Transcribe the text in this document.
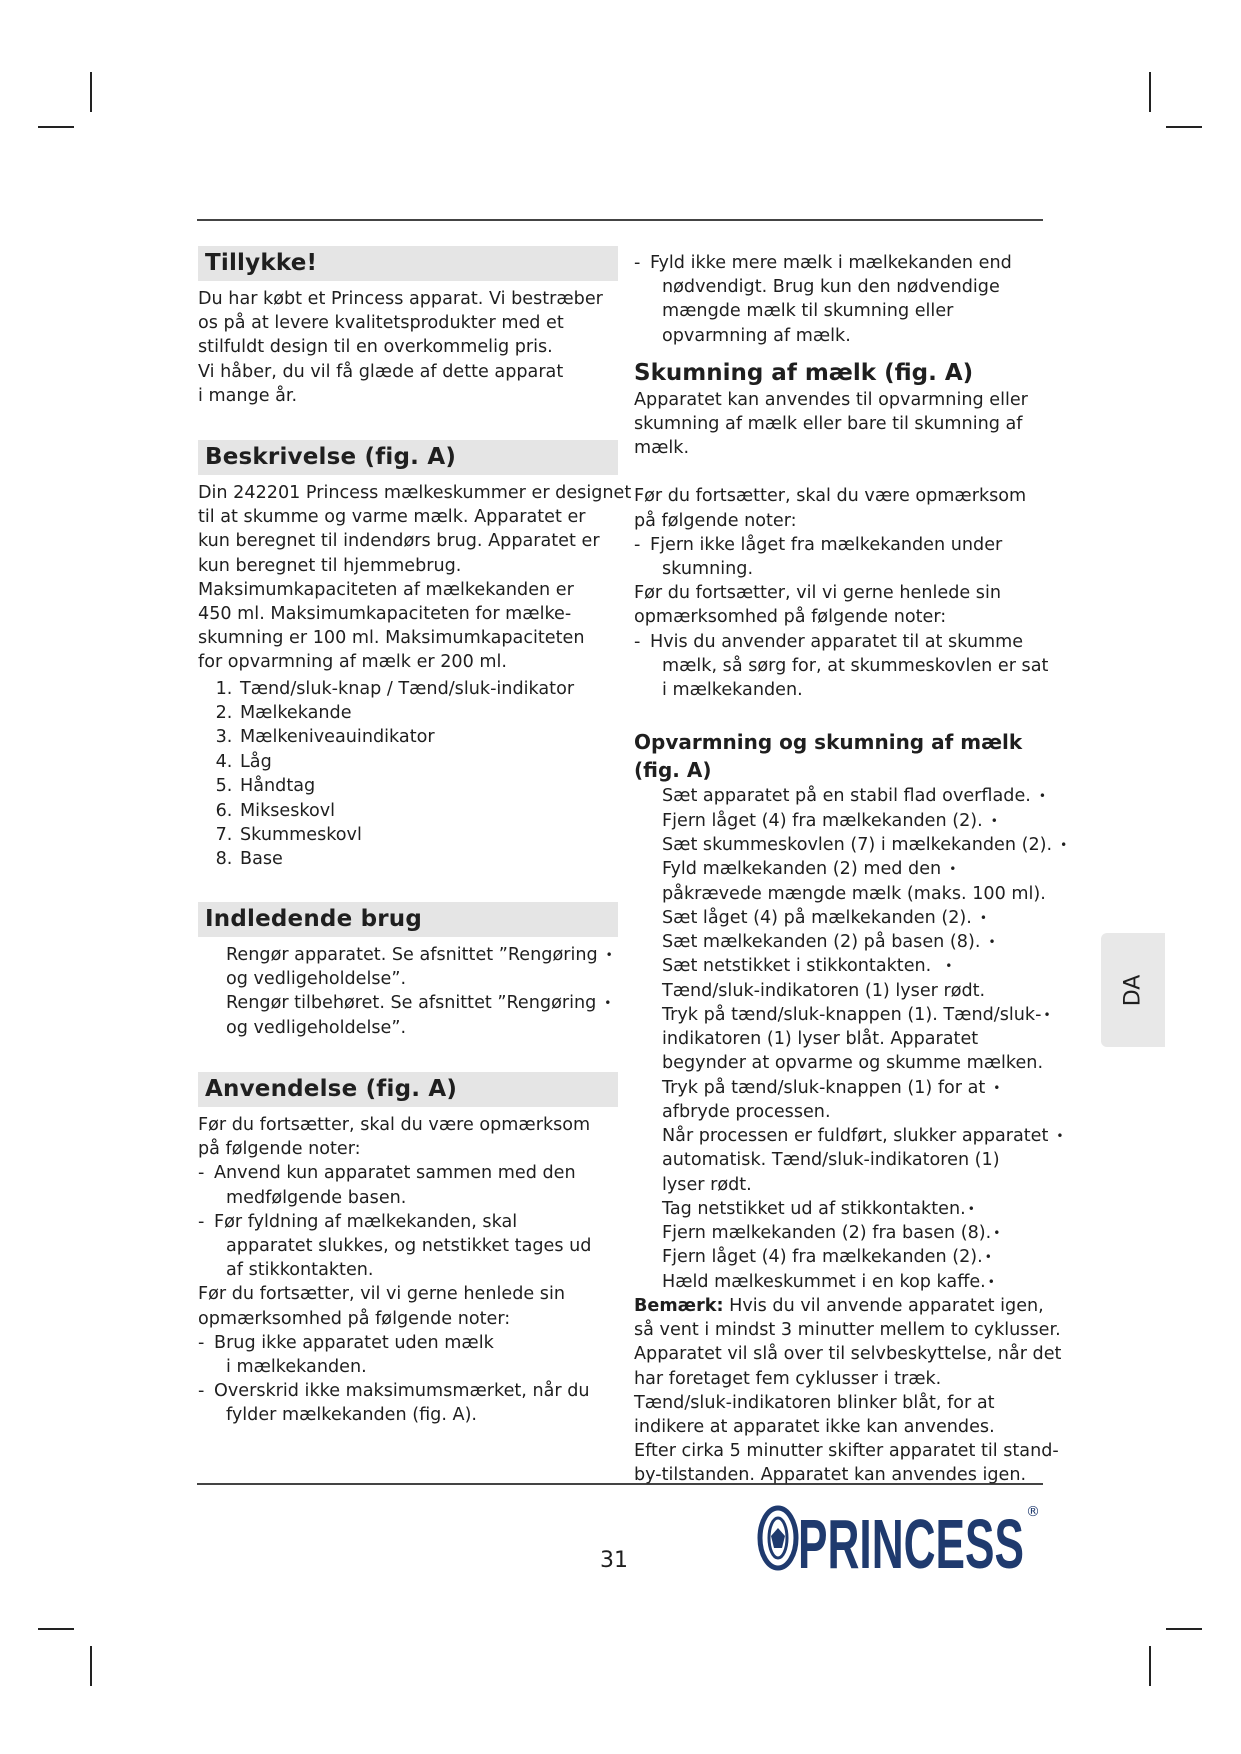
Tillykke!

Du har købt et Princess apparat. Vi bestræber

os på at levere kvalitetsprodukter med et

stilfuldt design til en overkommelig pris.

Vi håber, du vil få glæde af dette apparat

i mange år.

Beskrivelse (fig. A)

Din 242201 Princess mælkeskummer er designet

til at skumme og varme mælk. Apparatet er

kun beregnet til indendørs brug. Apparatet er

kun beregnet til hjemmebrug.

Maksimumkapaciteten af mælkekanden er

450 ml. Maksimumkapaciteten for mælke-

skumning er 100 ml. Maksimumkapaciteten

for opvarmning af mælk er 200 ml.

1. Tænd/sluk-knap / Tænd/sluk-indikator
2. Mælkekande
3. Mælkeniveauindikator
4. Låg
5. Håndtag
6. Mikseskovl
7. Skummeskovl
8. Base
Indledende brug
Rengør apparatet. Se afsnittet ”Rengøring •
og vedligeholdelse”.
Rengør tilbehøret. Se afsnittet ”Rengøring •
og vedligeholdelse”.
Anvendelse (fig. A)

Før du fortsætter, skal du være opmærksom

på følgende noter:

- Anvend kun apparatet sammen med den
medfølgende basen.
- Før fyldning af mælkekanden, skal
apparatet slukkes, og netstikket tages ud
af stikkontakten.

Før du fortsætter, vil vi gerne henlede sin

opmærksomhed på følgende noter:

- Brug ikke apparatet uden mælk
i mælkekanden.
- Overskrid ikke maksimumsmærket, når du
fylder mælkekanden (fig. A).
- Fyld ikke mere mælk i mælkekanden end
nødvendigt. Brug kun den nødvendige
mængde mælk til skumning eller
opvarmning af mælk.
Skumning af mælk (fig. A)

Apparatet kan anvendes til opvarmning eller

skumning af mælk eller bare til skumning af

mælk.

Før du fortsætter, skal du være opmærksom

på følgende noter:

- Fjern ikke låget fra mælkekanden under
skumning.

Før du fortsætter, vil vi gerne henlede sin

opmærksomhed på følgende noter:

- Hvis du anvender apparatet til at skumme
mælk, så sørg for, at skummeskovlen er sat
i mælkekanden.
Opvarmning og skumning af mælk (fig. A)
Sæt apparatet på en stabil flad overflade. •
Fjern låget (4) fra mælkekanden (2). •
Sæt skummeskovlen (7) i mælkekanden (2). •
Fyld mælkekanden (2) med den •
påkrævede mængde mælk (maks. 100 ml).
Sæt låget (4) på mælkekanden (2). •
Sæt mælkekanden (2) på basen (8). •
Sæt netstikket i stikkontakten. •
Tænd/sluk-indikatoren (1) lyser rødt.
Tryk på tænd/sluk-knappen (1). Tænd/sluk- •
indikatoren (1) lyser blåt. Apparatet
begynder at opvarme og skumme mælken.
Tryk på tænd/sluk-knappen (1) for at •
afbryde processen.
Når processen er fuldført, slukker apparatet •
automatisk. Tænd/sluk-indikatoren (1)
lyser rødt.
Tag netstikket ud af stikkontakten. •
Fjern mælkekanden (2) fra basen (8). •
Fjern låget (4) fra mælkekanden (2). •
Hæld mælkeskummet i en kop kaffe. •

Bemærk: Hvis du vil anvende apparatet igen,

så vent i mindst 3 minutter mellem to cyklusser.

Apparatet vil slå over til selvbeskyttelse, når det

har foretaget fem cyklusser i træk.

Tænd/sluk-indikatoren blinker blåt, for at

indikere at apparatet ikke kan anvendes.

Efter cirka 5 minutter skifter apparatet til stand-

by-tilstanden. Apparatet kan anvendes igen.

DA
31 PRINCESS ®
